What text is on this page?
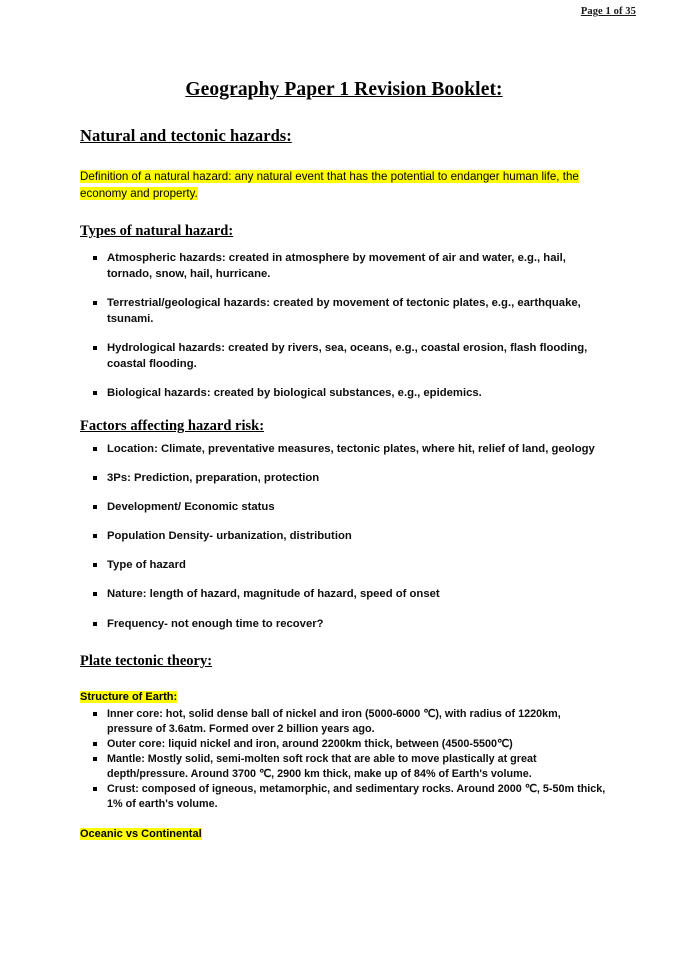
Page 1 of 35
Geography Paper 1 Revision Booklet:
Natural and tectonic hazards:

Definition of a natural hazard: any natural event that has the potential to endanger human life, the economy and property.

Types of natural hazard:
Atmospheric hazards: created in atmosphere by movement of air and water, e.g., hail, tornado, snow, hail, hurricane.
Terrestrial/geological hazards: created by movement of tectonic plates, e.g., earthquake, tsunami.
Hydrological hazards: created by rivers, sea, oceans, e.g., coastal erosion, flash flooding, coastal flooding.
Biological hazards: created by biological substances, e.g., epidemics.
Factors affecting hazard risk:
Location: Climate, preventative measures, tectonic plates, where hit, relief of land, geology
3Ps: Prediction, preparation, protection
Development/ Economic status
Population Density- urbanization, distribution
Type of hazard
Nature: length of hazard, magnitude of hazard, speed of onset
Frequency- not enough time to recover?
Plate tectonic theory:

Structure of Earth:

Inner core: hot, solid dense ball of nickel and iron (5000-6000 ℃), with radius of 1220km, pressure of 3.6atm. Formed over 2 billion years ago.
Outer core: liquid nickel and iron, around 2200km thick, between (4500-5500℃)
Mantle: Mostly solid, semi-molten soft rock that are able to move plastically at great depth/pressure. Around 3700 ℃, 2900 km thick, make up of 84% of Earth's volume.
Crust: composed of igneous, metamorphic, and sedimentary rocks. Around 2000 ℃, 5-50m thick, 1% of earth's volume.

Oceanic vs Continental
